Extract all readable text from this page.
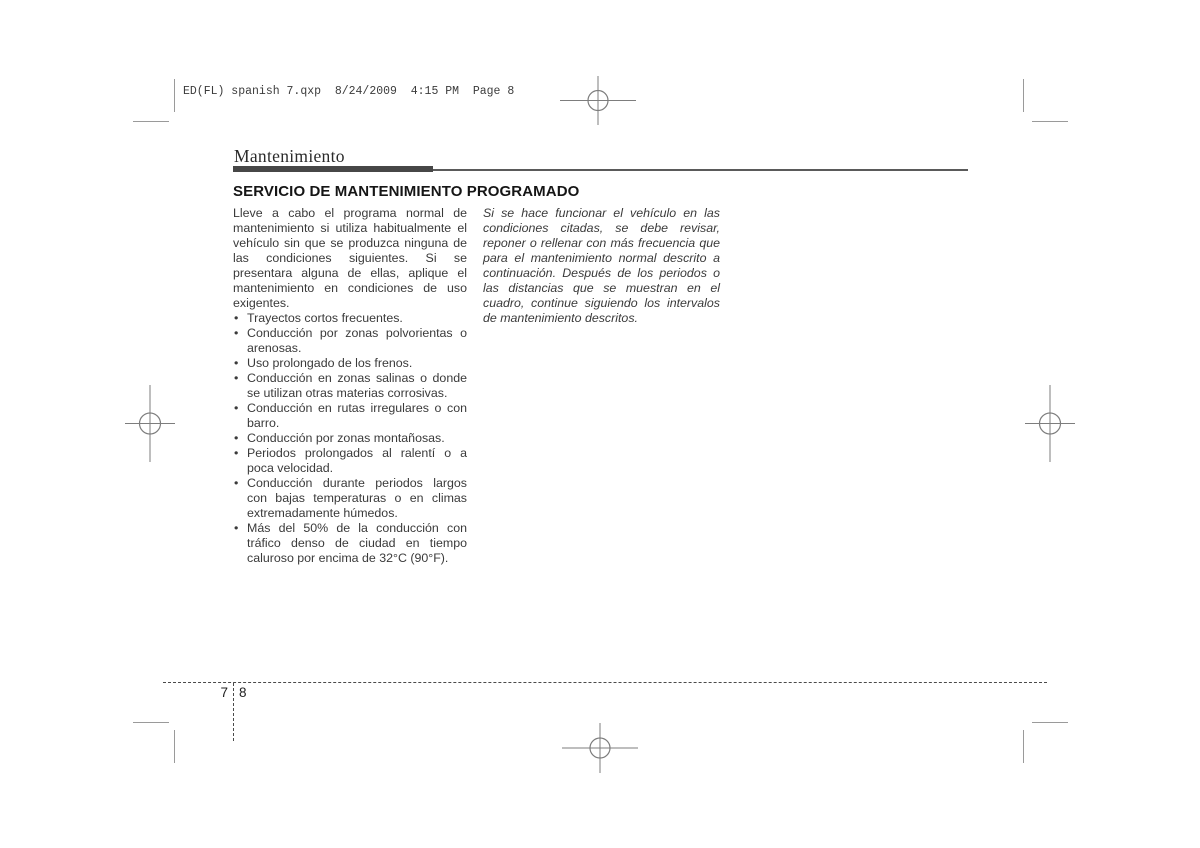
ED(FL) spanish 7.qxp  8/24/2009  4:15 PM  Page 8
Mantenimiento
SERVICIO DE MANTENIMIENTO PROGRAMADO

Lleve a cabo el programa normal de mantenimiento si utiliza habitualmente el vehículo sin que se produzca ninguna de las condiciones siguientes. Si se presentara alguna de ellas, aplique el mantenimiento en condiciones de uso exigentes.

• Trayectos cortos frecuentes.
• Conducción por zonas polvorientas o arenosas.
• Uso prolongado de los frenos.
• Conducción en zonas salinas o donde se utilizan otras materias corrosivas.
• Conducción en rutas irregulares o con barro.
• Conducción por zonas montañosas.
• Periodos prolongados al ralentí o a poca velocidad.
• Conducción durante periodos largos con bajas temperaturas o en climas extremadamente húmedos.
• Más del 50% de la conducción con tráfico denso de ciudad en tiempo caluroso por encima de 32°C (90°F).

Si se hace funcionar el vehículo en las condiciones citadas, se debe revisar, reponer o rellenar con más frecuencia que para el mantenimiento normal descrito a continuación. Después de los periodos o las distancias que se muestran en el cuadro, continue siguiendo los intervalos de mantenimiento descritos.

7 8
